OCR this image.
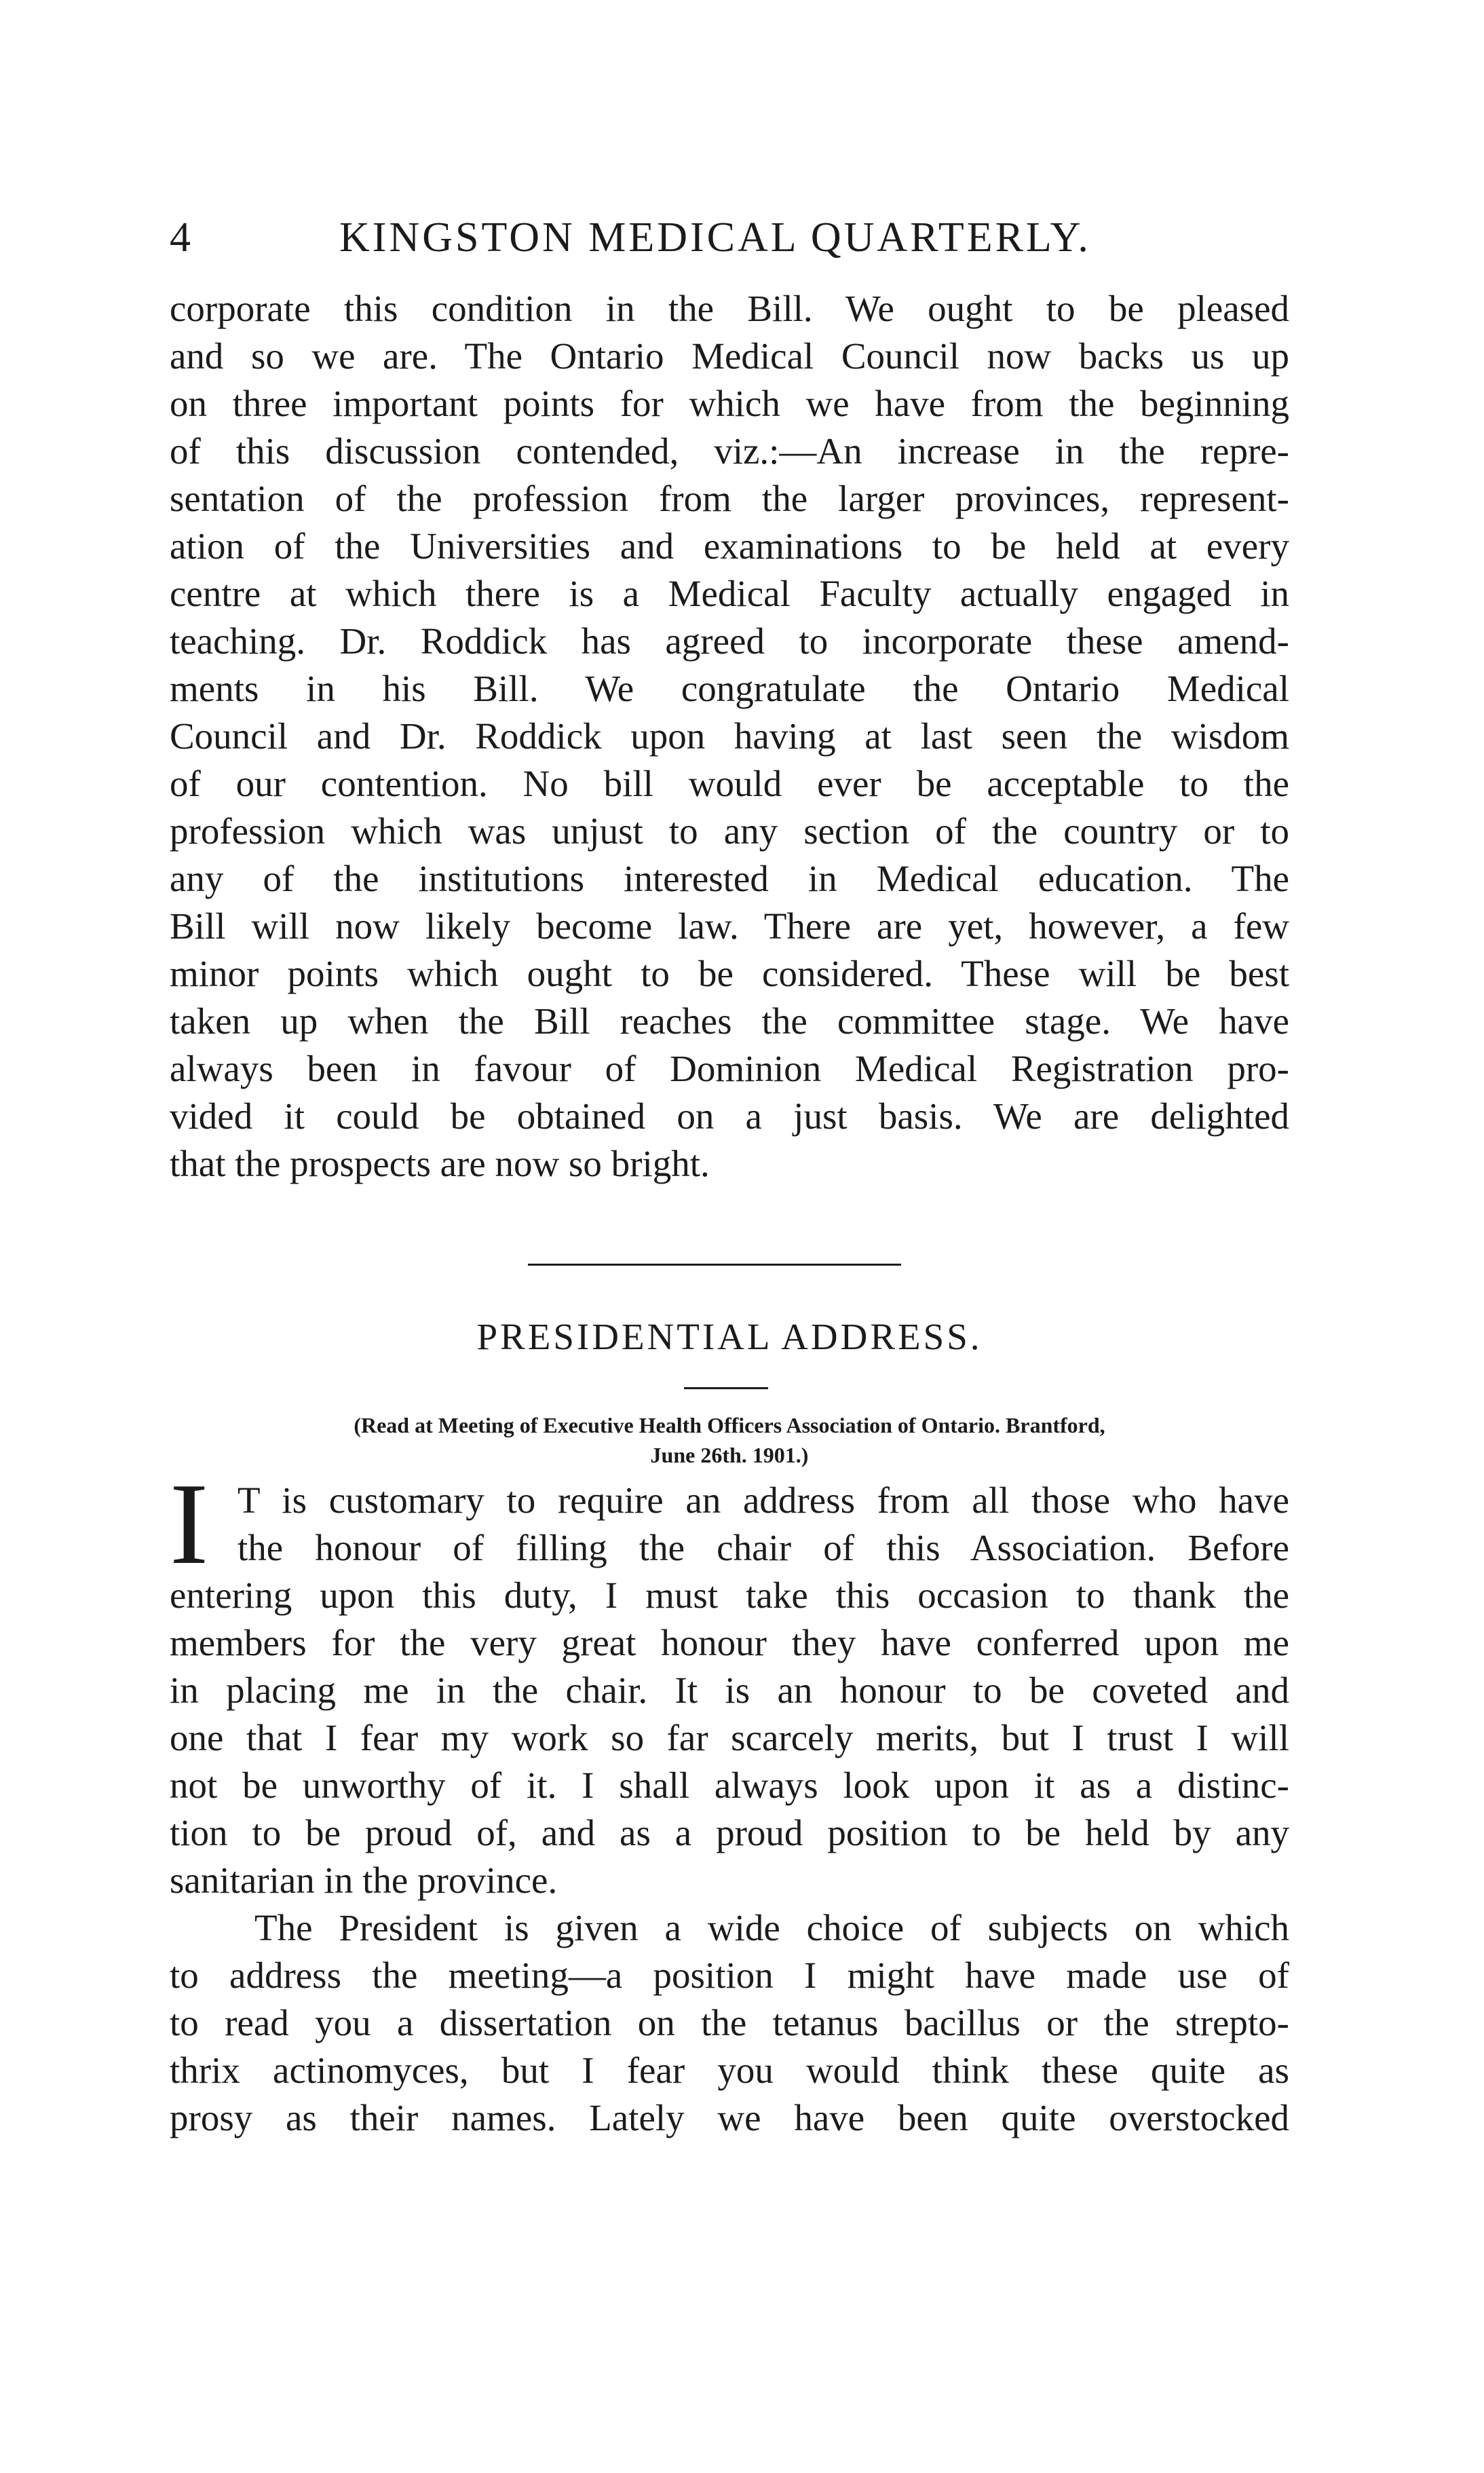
4	KINGSTON MEDICAL QUARTERLY.
corporate this condition in the Bill. We ought to be pleased
and so we are. The Ontario Medical Council now backs us up
on three important points for which we have from the beginning
of this discussion contended, viz.:—An increase in the repre-
sentation of the profession from the larger provinces, represent-
ation of the Universities and examinations to be held at every
centre at which there is a Medical Faculty actually engaged in
teaching. Dr. Roddick has agreed to incorporate these amend-
ments in his Bill. We congratulate the Ontario Medical
Council and Dr. Roddick upon having at last seen the wisdom
of our contention. No bill would ever be acceptable to the
profession which was unjust to any section of the country or to
any of the institutions interested in Medical education. The
Bill will now likely become law. There are yet, however, a few
minor points which ought to be considered. These will be best
taken up when the Bill reaches the committee stage. We have
always been in favour of Dominion Medical Registration pro-
vided it could be obtained on a just basis. We are delighted
that the prospects are now so bright.
PRESIDENTIAL ADDRESS.
(Read at Meeting of Executive Health Officers Association of Ontario. Brantford,
June 26th. 1901.)
I T is customary to require an address from all those who have
the honour of filling the chair of this Association. Before
entering upon this duty, I must take this occasion to thank the
members for the very great honour they have conferred upon me
in placing me in the chair. It is an honour to be coveted and
one that I fear my work so far scarcely merits, but I trust I will
not be unworthy of it. I shall always look upon it as a distinc-
tion to be proud of, and as a proud position to be held by any
sanitarian in the province.
The President is given a wide choice of subjects on which
to address the meeting—a position I might have made use of
to read you a dissertation on the tetanus bacillus or the strepto-
thrix actinomyces, but I fear you would think these quite as
prosy as their names. Lately we have been quite overstocked
